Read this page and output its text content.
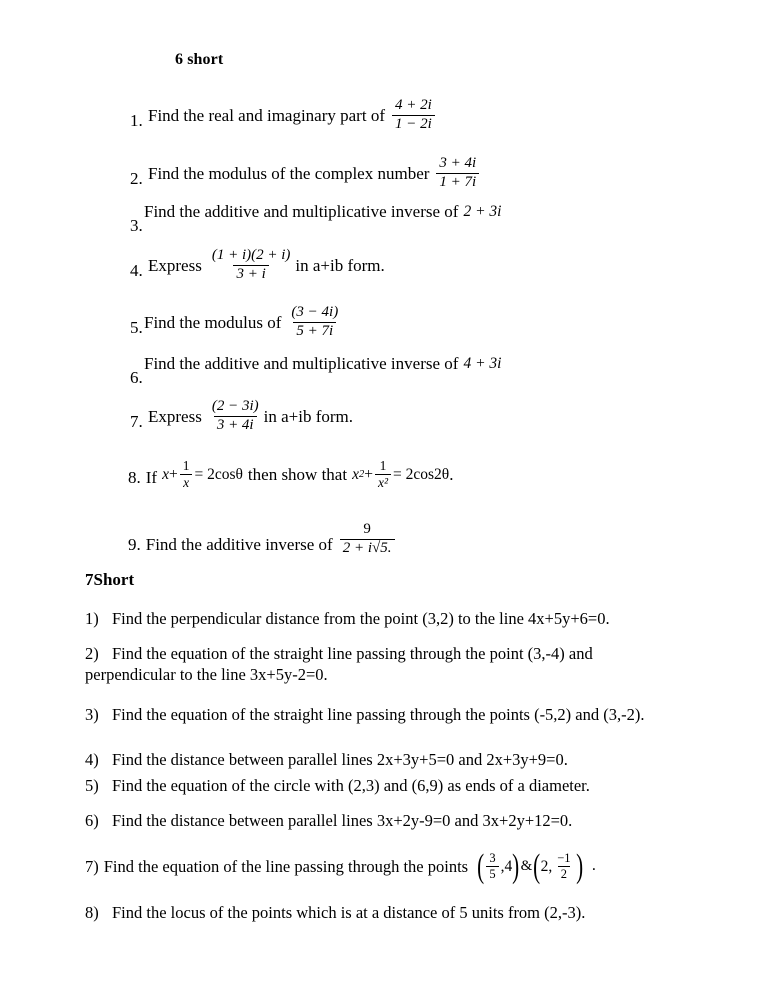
6 short
1. Find the real and imaginary part of $\frac{4 + 2i}{1 - 2i}$
2. Find the modulus of the complex number $\frac{3 + 4i}{1 + 7i}$
3.
Find the additive and multiplicative inverse of 2 + 3i
4. Express $\frac{(1 + i)(2 + i)}{3 + i}$ in a+ib form.
5. Find the modulus of $\frac{(3 - 4i)}{5 + 7i}$
6.
Find the additive and multiplicative inverse of 4 + 3i
7. Express $\frac{(2 - 3i)}{3 + 4i}$ in a+ib form.
8. If $x + \frac{1}{x} = 2\cos\theta$ then show that x $2 + \frac{1}{\text{x²}} = 2\cos 2\theta$ .
9. Find the additive inverse of $\frac{9}{2 + i√5.}$
7Short
1) Find the perpendicular distance from the point (3,2) to the line 4x+5y+6=0.
2) Find the equation of the straight line passing through the point (3,-4) and perpendicular to the line 3x+5y-2=0.
3) Find the equation of the straight line passing through the points (-5,2) and (3,-2).
4) Find the distance between parallel lines 2x+3y+5=0 and 2x+3y+9=0.
5) Find the equation of the circle with (2,3) and (6,9) as ends of a diameter.
6) Find the distance between parallel lines 3x+2y-9=0 and 3x+2y+12=0.
7) Find the equation of the line passing through the points ( $\frac{3}{5} ,4$ ) & ( 2, $\frac{-1}{2}$ ) .
8) Find the locus of the points which is at a distance of 5 units from (2,-3).
